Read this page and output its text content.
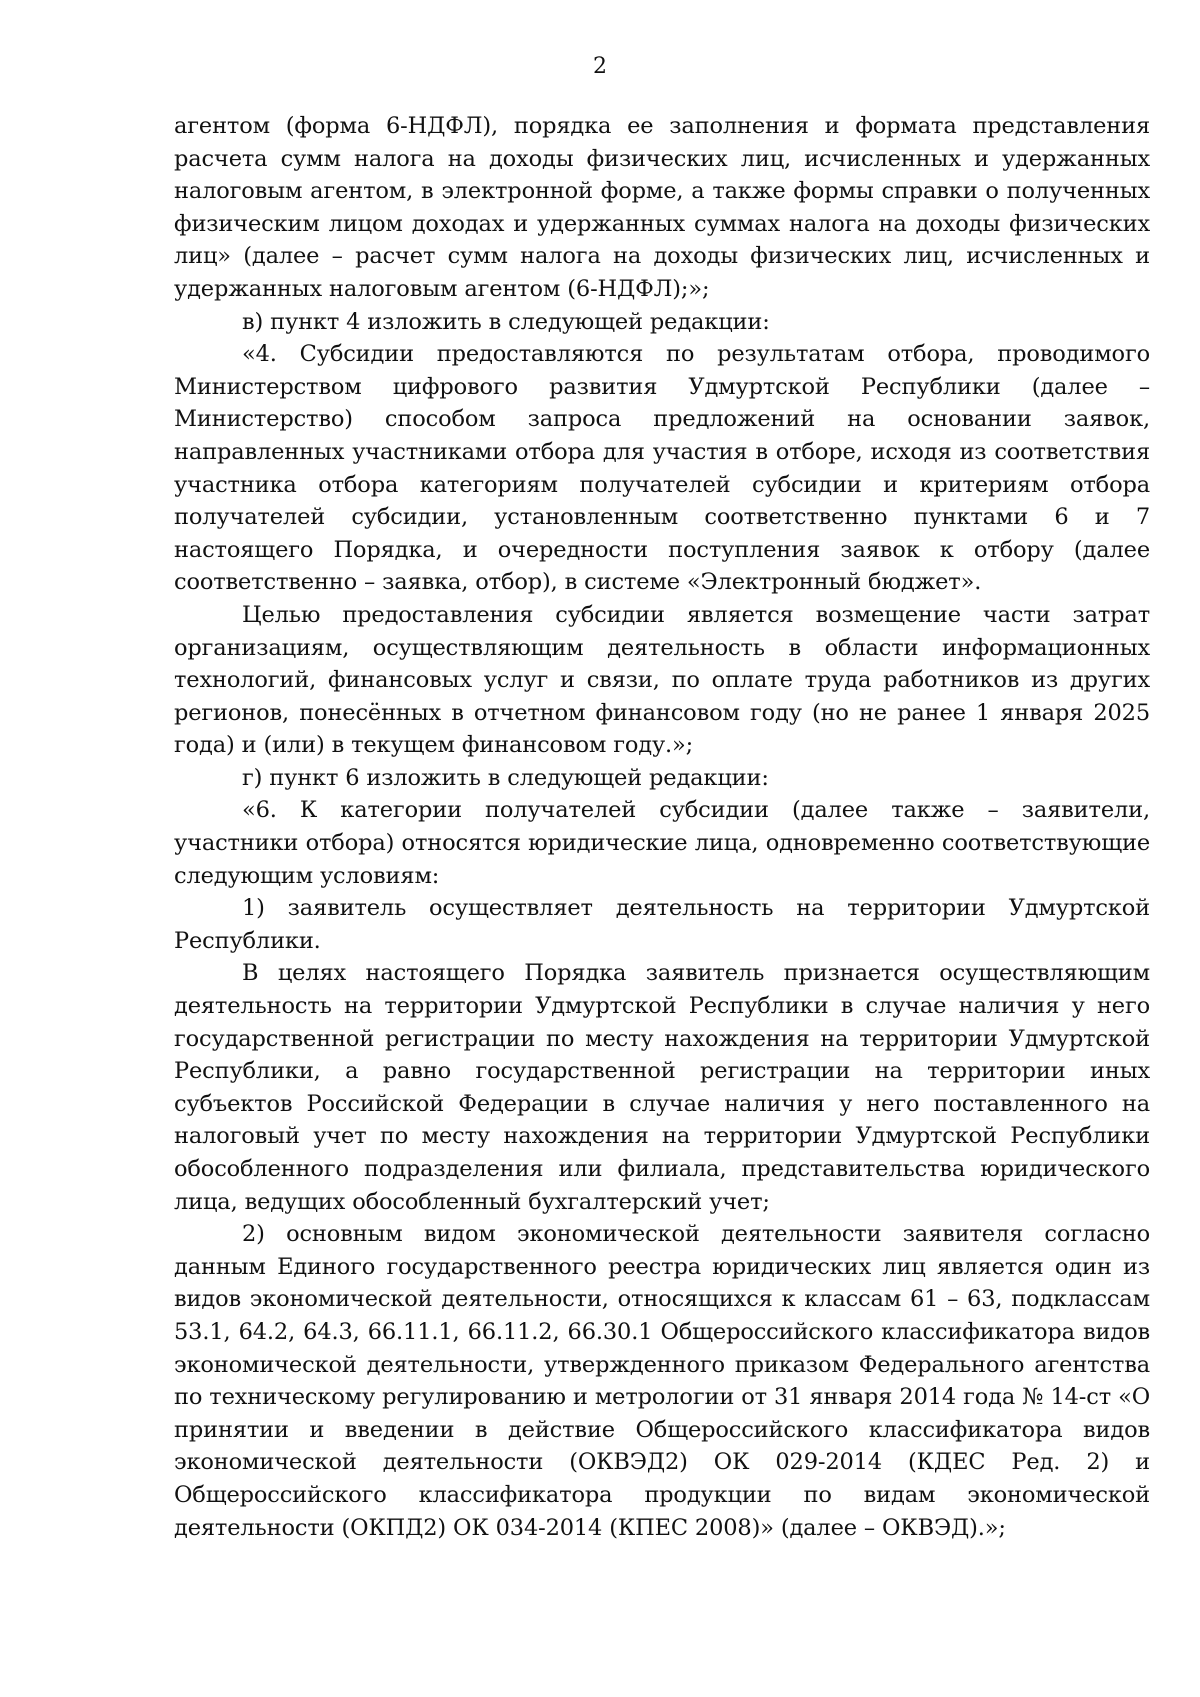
2

агентом (форма 6-НДФЛ), порядка ее заполнения и формата представления расчета сумм налога на доходы физических лиц, исчисленных и удержанных налоговым агентом, в электронной форме, а также формы справки о полученных физическим лицом доходах и удержанных суммах налога на доходы физических лиц» (далее – расчет сумм налога на доходы физических лиц, исчисленных и удержанных налоговым агентом (6-НДФЛ);»;

в) пункт 4 изложить в следующей редакции:

«4. Субсидии предоставляются по результатам отбора, проводимого Министерством цифрового развития Удмуртской Республики (далее – Министерство) способом запроса предложений на основании заявок, направленных участниками отбора для участия в отборе, исходя из соответствия участника отбора категориям получателей субсидии и критериям отбора получателей субсидии, установленным соответственно пунктами 6 и 7 настоящего Порядка, и очередности поступления заявок к отбору (далее соответственно – заявка, отбор), в системе «Электронный бюджет».

Целью предоставления субсидии является возмещение части затрат организациям, осуществляющим деятельность в области информационных технологий, финансовых услуг и связи, по оплате труда работников из других регионов, понесённых в отчетном финансовом году (но не ранее 1 января 2025 года) и (или) в текущем финансовом году.»;

г) пункт 6 изложить в следующей редакции:

«6. К категории получателей субсидии (далее также – заявители, участники отбора) относятся юридические лица, одновременно соответствующие следующим условиям:

1) заявитель осуществляет деятельность на территории Удмуртской Республики.

В целях настоящего Порядка заявитель признается осуществляющим деятельность на территории Удмуртской Республики в случае наличия у него государственной регистрации по месту нахождения на территории Удмуртской Республики, а равно государственной регистрации на территории иных субъектов Российской Федерации в случае наличия у него поставленного на налоговый учет по месту нахождения на территории Удмуртской Республики обособленного подразделения или филиала, представительства юридического лица, ведущих обособленный бухгалтерский учет;

2) основным видом экономической деятельности заявителя согласно данным Единого государственного реестра юридических лиц является один из видов экономической деятельности, относящихся к классам 61 – 63, подклассам 53.1, 64.2, 64.3, 66.11.1, 66.11.2, 66.30.1 Общероссийского классификатора видов экономической деятельности, утвержденного приказом Федерального агентства по техническому регулированию и метрологии от 31 января 2014 года № 14-ст «О принятии и введении в действие Общероссийского классификатора видов экономической деятельности (ОКВЭД2) ОК 029-2014 (КДЕС Ред. 2) и Общероссийского классификатора продукции по видам экономической деятельности (ОКПД2) ОК 034-2014 (КПЕС 2008)» (далее – ОКВЭД).»;
